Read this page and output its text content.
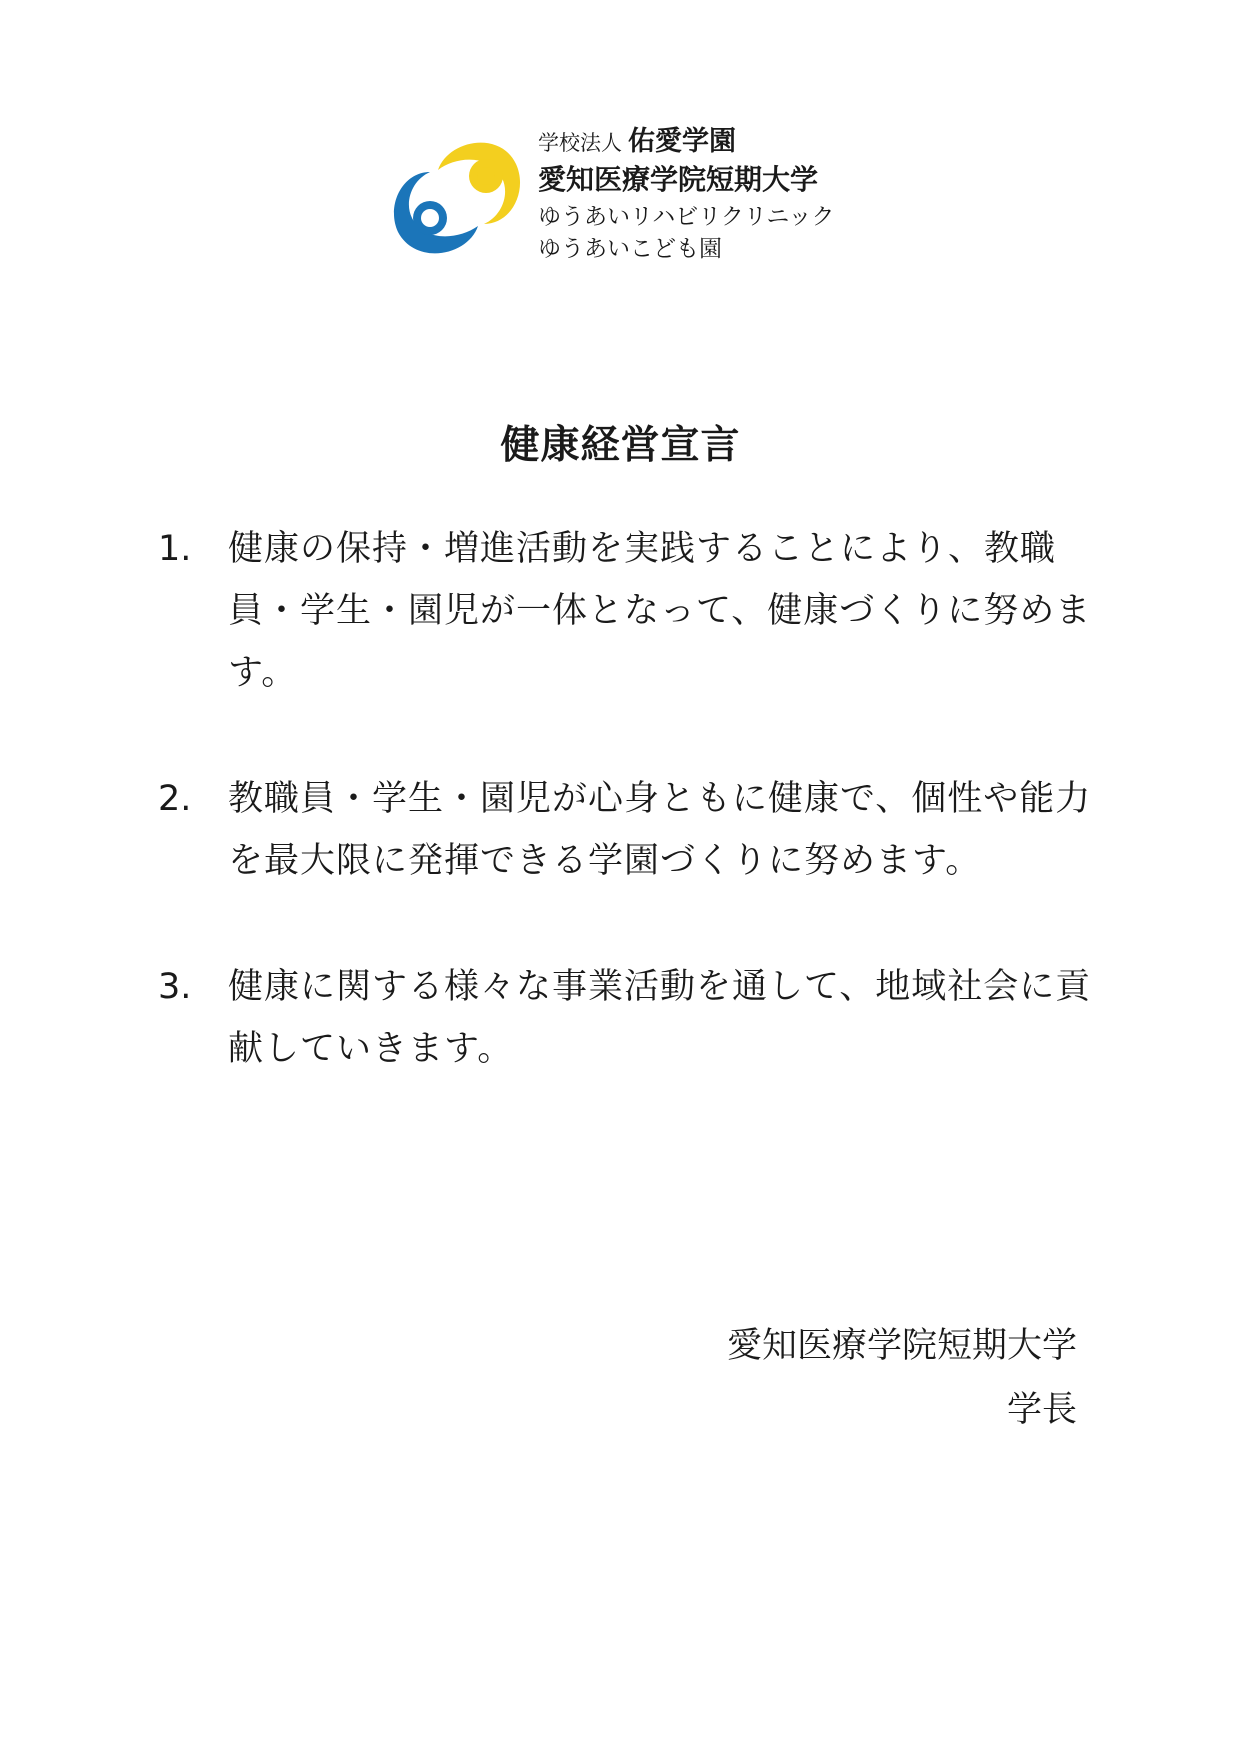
学校法人 佑愛学園
愛知医療学院短期大学
ゆうあいリハビリクリニック
ゆうあいこども園
健康経営宣言
1.	健康の保持・増進活動を実践することにより、教職員・学生・園児が一体となって、健康づくりに努めます。
2.	教職員・学生・園児が心身ともに健康で、個性や能力を最大限に発揮できる学園づくりに努めます。
3.	健康に関する様々な事業活動を通して、地域社会に貢献していきます。
愛知医療学院短期大学
学長
